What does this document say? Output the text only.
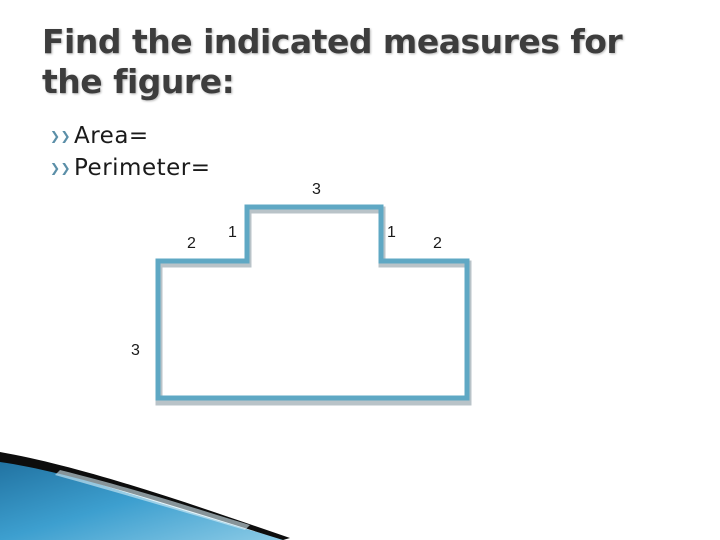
Find the indicated measures for
the figure:
❯❯ Area=
❯❯ Perimeter=
3
1	1
2	2
3
